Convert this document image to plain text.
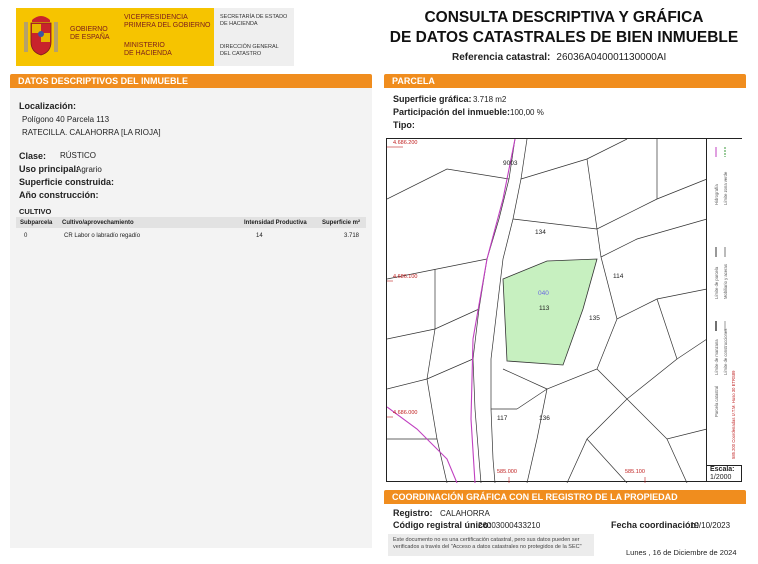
GOBIERNO
DE ESPAÑA
VICEPRESIDENCIA
PRIMERA DEL GOBIERNO
MINISTERIO
DE HACIENDA
SECRETARÍA DE ESTADO
DE HACIENDA
DIRECCIÓN GENERAL
DEL CATASTRO
CONSULTA DESCRIPTIVA Y GRÁFICA
DE DATOS CATASTRALES DE BIEN INMUEBLE
Referencia catastral: 26036A040001130000AI
DATOS DESCRIPTIVOS DEL INMUEBLE
Localización:
Polígono 40 Parcela 113
RATECILLA. CALAHORRA [LA RIOJA]
Clase: RÚSTICO
Uso principal:
Agrario
Superficie construida:
Año construcción:
CULTIVO
Subparcela Cultivo/aprovechamiento	Intensidad Productiva	Superficie m²
0	CR Labor o labradío regadío	14	3.718
PARCELA
Superficie gráfica: 3.718 m2
Participación del inmueble: 100,00 %
Tipo:
4.686.200
4.686.100
4.686.000
585.000	585.100
9003
134
114
135
117	136
040
113
Hidrografía Límite zona verde
Límite de parcela Mobiliario y aceras
Límite de manzana Límite de construcciones
Parcela catastral	585.200 Coordenadas U.T.M. Huso 30 ETRS89
Escala:
1/2000
COORDINACIÓN GRÁFICA CON EL REGISTRO DE LA PROPIEDAD
Registro: CALAHORRA
Código registral único:
26003000433210	Fecha coordinación:
19/10/2023
Este documento no es una certificación catastral, pero sus datos pueden ser
verificados a través del "Acceso a datos catastrales no protegidos de la SEC"
Lunes , 16 de Diciembre de 2024
